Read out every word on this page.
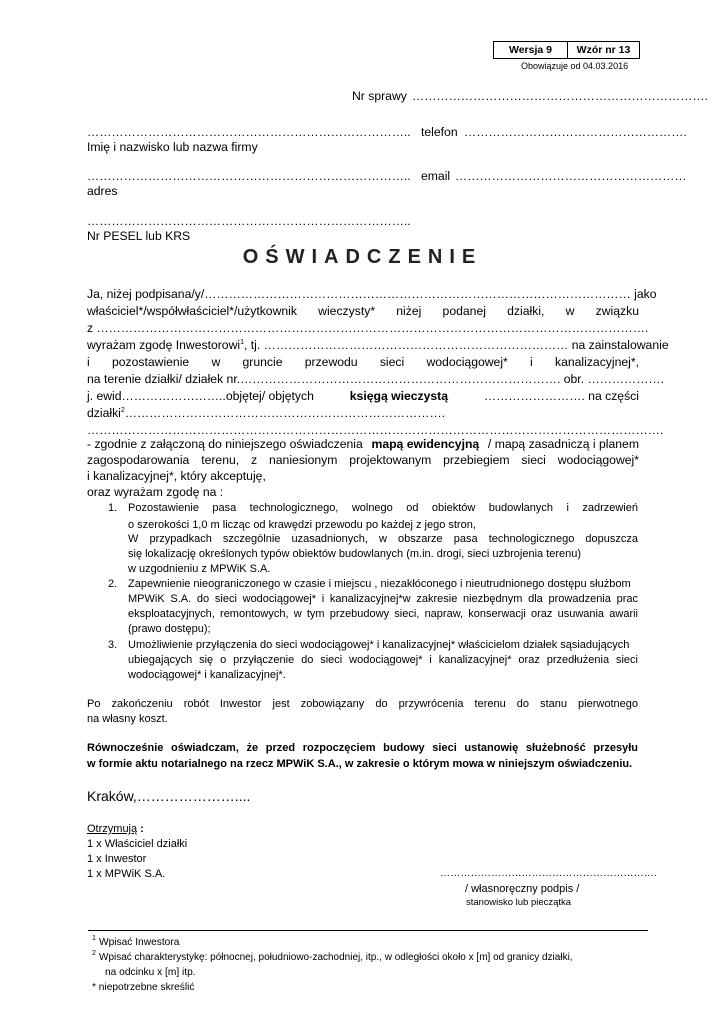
Wersja 9	Wzór nr 13
Obowiązuje od 04.03.2016
Nr sprawy ……………………………………………………………….
……………………………………………………………………..
Imię i nazwisko lub nazwa firmy
telefon ……………………………………………….
……………………………………………………………………..
adres
email …………………………………………………
……………………………………………………………………..
Nr PESEL lub KRS
OŚWIADCZENIE
Ja, niżej podpisana/y/…………………………………………………………………………………………… jako
właściciel*/współwłaściciel*/użytkownik wieczysty* niżej podanej działki, w związku
z ……………………………………………………………………………………………………………………….
wyrażam zgodę Inwestorowi$^1$ , tj. ………………………………………………………………… na zainstalowanie
i pozostawienie w gruncie przewodu sieci wodociągowej* i kanalizacyjnej*,
na terenie działki/ działek nr.……………………………………………………………………. obr. ……………….
j. ewid……………………..objętej/ objętych	księgą wieczystą	……………………. na części
działki$^2$…………………………………………………………………….
…………………………………………………………………………………………………………………………….
- zgodnie z załączoną do niniejszego oświadczenia mapą ewidencyjną / mapą zasadniczą i planem
zagospodarowania terenu, z naniesionym projektowanym przebiegiem sieci wodociągowej*
i kanalizacyjnej*, który akceptuję,
oraz wyrażam zgodę na :
1. Pozostawienie pasa technologicznego, wolnego od obiektów budowlanych i zadrzewień
o szerokości 1,0 m licząc od krawędzi przewodu po każdej z jego stron,
W przypadkach szczególnie uzasadnionych, w obszarze pasa technologicznego dopuszcza
się lokalizację określonych typów obiektów budowlanych (m.in. drogi, sieci uzbrojenia terenu)
w uzgodnieniu z MPWiK S.A.
2. Zapewnienie nieograniczonego w czasie i miejscu , niezakłóconego i nieutrudnionego dostępu służbom
MPWiK S.A. do sieci wodociągowej* i kanalizacyjnej*w zakresie niezbędnym dla prowadzenia prac
eksploatacyjnych, remontowych, w tym przebudowy sieci, napraw, konserwacji oraz usuwania awarii
(prawo dostępu);
3. Umożliwienie przyłączenia do sieci wodociągowej* i kanalizacyjnej* właścicielom działek sąsiadujących
ubiegających się o przyłączenie do sieci wodociągowej* i kanalizacyjnej* oraz przedłużenia sieci
wodociągowej* i kanalizacyjnej*.
Po zakończeniu robót Inwestor jest zobowiązany do przywrócenia terenu do stanu pierwotnego
na własny koszt.
Równocześnie oświadczam, że przed rozpoczęciem budowy sieci ustanowię służebność przesyłu
w formie aktu notarialnego na rzecz MPWiK S.A., w zakresie o którym mowa w niniejszym oświadczeniu.
Kraków,…………………....
Otrzymują :
1 x Właściciel działki
1 x Inwestor
1 x MPWiK S.A.	……………………………………………………….
/ własnoręczny podpis /
stanowisko lub pieczątka
1 Wpisać Inwestora
2 Wpisać charakterystykę: północnej, południowo-zachodniej, itp., w odległości około x [m] od granicy działki,
na odcinku x [m] itp.
* niepotrzebne skreślić
